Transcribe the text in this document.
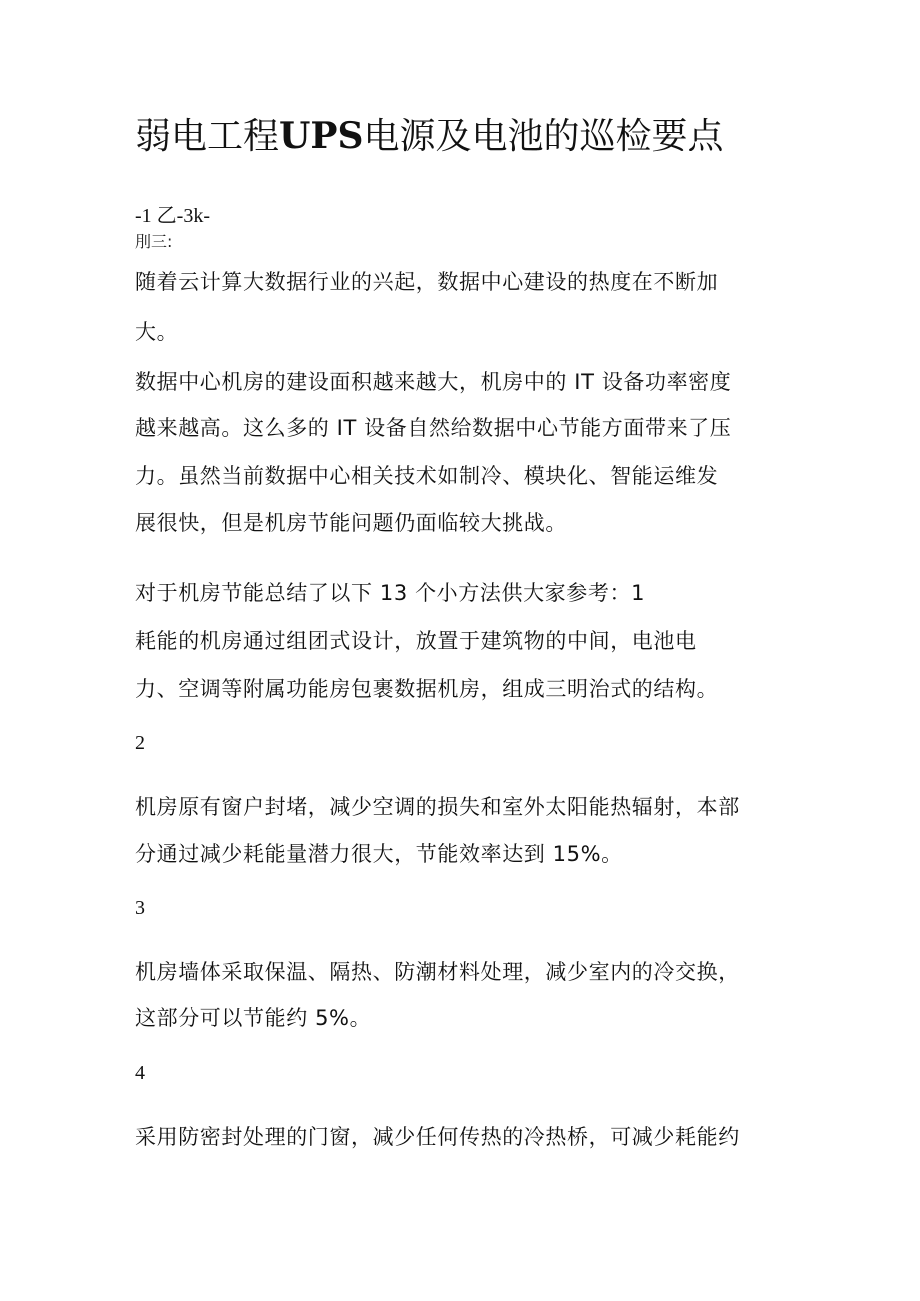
弱电工程UPS电源及电池的巡检要点
-1 乙-3k-
刖三:
随着云计算大数据行业的兴起，数据中心建设的热度在不断加
大。
数据中心机房的建设面积越来越大，机房中的 IT 设备功率密度
越来越高。这么多的 IT 设备自然给数据中心节能方面带来了压
力。虽然当前数据中心相关技术如制冷、模块化、智能运维发
展很快，但是机房节能问题仍面临较大挑战。
对于机房节能总结了以下 13 个小方法供大家参考：1
耗能的机房通过组团式设计，放置于建筑物的中间，电池电
力、空调等附属功能房包裹数据机房，组成三明治式的结构。
2
机房原有窗户封堵，减少空调的损失和室外太阳能热辐射，本部
分通过减少耗能量潜力很大，节能效率达到 15%。
3
机房墙体采取保温、隔热、防潮材料处理，减少室内的冷交换，
这部分可以节能约 5%。
4
采用防密封处理的门窗，减少任何传热的冷热桥，可减少耗能约
